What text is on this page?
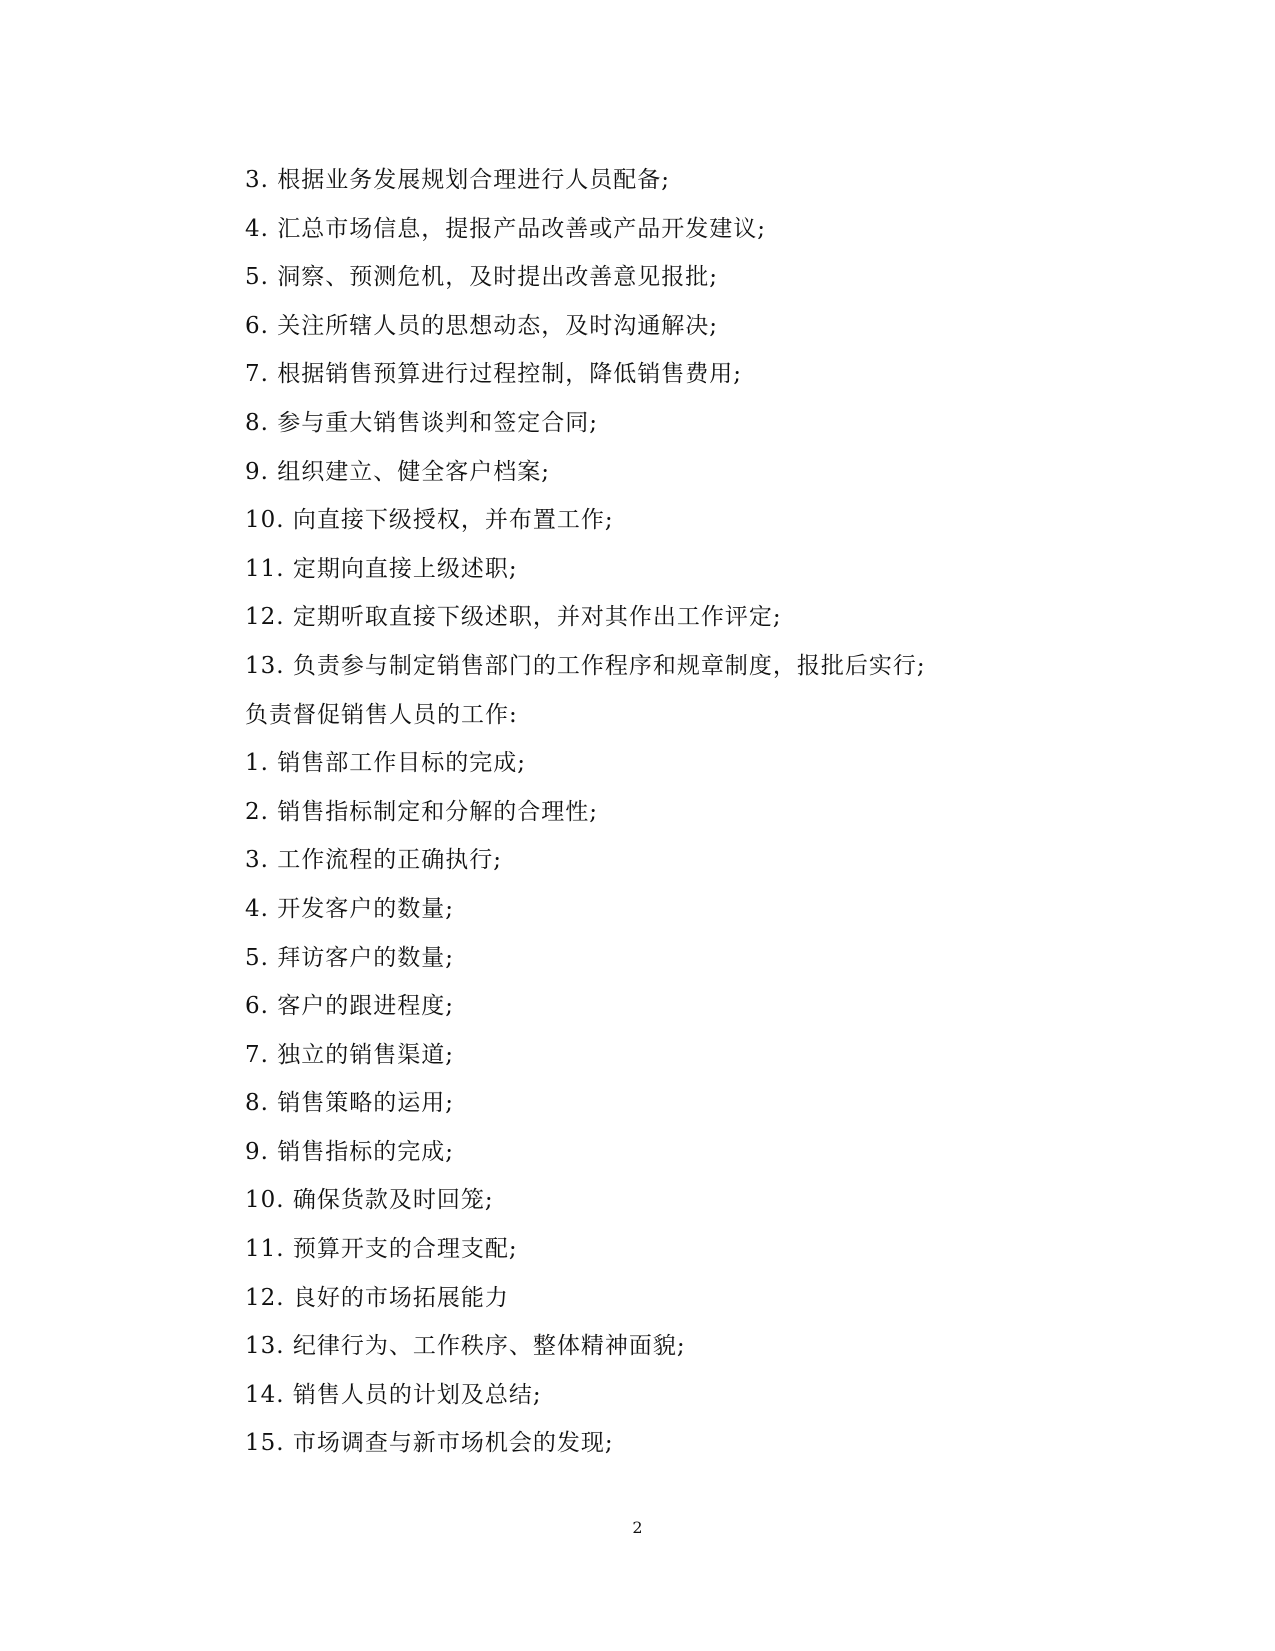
3. 根据业务发展规划合理进行人员配备;
4. 汇总市场信息，提报产品改善或产品开发建议;
5. 洞察、预测危机，及时提出改善意见报批;
6. 关注所辖人员的思想动态，及时沟通解决;
7. 根据销售预算进行过程控制，降低销售费用;
8. 参与重大销售谈判和签定合同;
9. 组织建立、健全客户档案;
10. 向直接下级授权，并布置工作;
11. 定期向直接上级述职;
12. 定期听取直接下级述职，并对其作出工作评定;
13. 负责参与制定销售部门的工作程序和规章制度，报批后实行;
负责督促销售人员的工作:
1. 销售部工作目标的完成;
2. 销售指标制定和分解的合理性;
3. 工作流程的正确执行;
4. 开发客户的数量;
5. 拜访客户的数量;
6. 客户的跟进程度;
7. 独立的销售渠道;
8. 销售策略的运用;
9. 销售指标的完成;
10. 确保货款及时回笼;
11. 预算开支的合理支配;
12. 良好的市场拓展能力
13. 纪律行为、工作秩序、整体精神面貌;
14. 销售人员的计划及总结;
15. 市场调查与新市场机会的发现;
2
